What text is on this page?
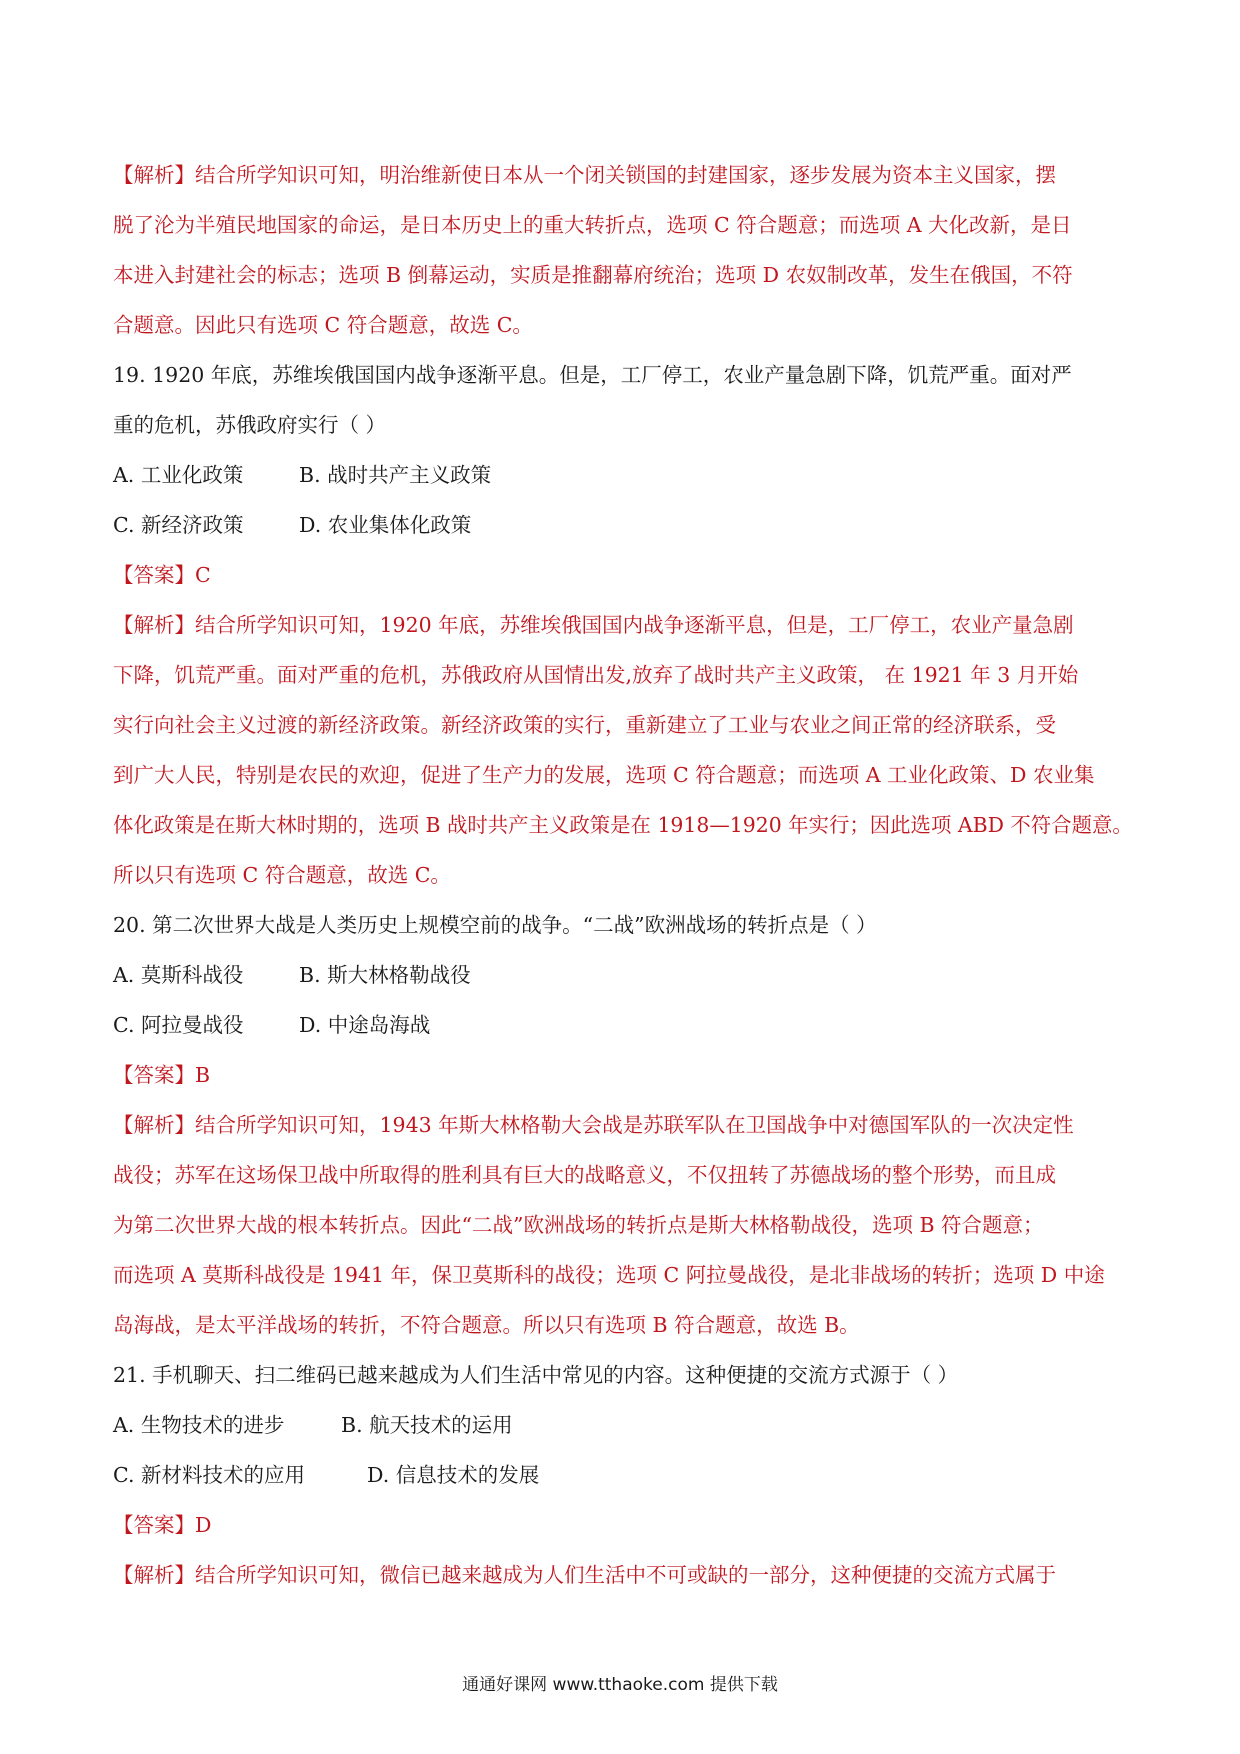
【解析】结合所学知识可知，明治维新使日本从一个闭关锁国的封建国家，逐步发展为资本主义国家，摆
脱了沦为半殖民地国家的命运，是日本历史上的重大转折点，选项 C 符合题意；而选项 A 大化改新，是日
本进入封建社会的标志；选项 B 倒幕运动，实质是推翻幕府统治；选项 D 农奴制改革，发生在俄国，不符
合题意。因此只有选项 C 符合题意，故选 C。
19. 1920 年底，苏维埃俄国国内战争逐渐平息。但是，工厂停工，农业产量急剧下降，饥荒严重。面对严
重的危机，苏俄政府实行（ ）
A. 工业化政策	B. 战时共产主义政策
C. 新经济政策	D. 农业集体化政策
【答案】C
【解析】结合所学知识可知，1920 年底，苏维埃俄国国内战争逐渐平息，但是，工厂停工，农业产量急剧
下降，饥荒严重。面对严重的危机，苏俄政府从国情出发,放弃了战时共产主义政策， 在 1921 年 3 月开始
实行向社会主义过渡的新经济政策。新经济政策的实行，重新建立了工业与农业之间正常的经济联系，受
到广大人民，特别是农民的欢迎，促进了生产力的发展，选项 C 符合题意；而选项 A 工业化政策、D 农业集
体化政策是在斯大林时期的，选项 B 战时共产主义政策是在 1918—1920 年实行；因此选项 ABD 不符合题意。
所以只有选项 C 符合题意，故选 C。
20. 第二次世界大战是人类历史上规模空前的战争。“二战”欧洲战场的转折点是（ ）
A. 莫斯科战役	B. 斯大林格勒战役
C. 阿拉曼战役	D. 中途岛海战
【答案】B
【解析】结合所学知识可知，1943 年斯大林格勒大会战是苏联军队在卫国战争中对德国军队的一次决定性
战役；苏军在这场保卫战中所取得的胜利具有巨大的战略意义，不仅扭转了苏德战场的整个形势，而且成
为第二次世界大战的根本转折点。因此“二战”欧洲战场的转折点是斯大林格勒战役，选项 B 符合题意；
而选项 A 莫斯科战役是 1941 年，保卫莫斯科的战役；选项 C 阿拉曼战役，是北非战场的转折；选项 D 中途
岛海战，是太平洋战场的转折，不符合题意。所以只有选项 B 符合题意，故选 B。
21. 手机聊天、扫二维码已越来越成为人们生活中常见的内容。这种便捷的交流方式源于（ ）
A. 生物技术的进步	B. 航天技术的运用
C. 新材料技术的应用	D. 信息技术的发展
【答案】D
【解析】结合所学知识可知，微信已越来越成为人们生活中不可或缺的一部分，这种便捷的交流方式属于
通通好课网 www.tthaoke.com 提供下载
